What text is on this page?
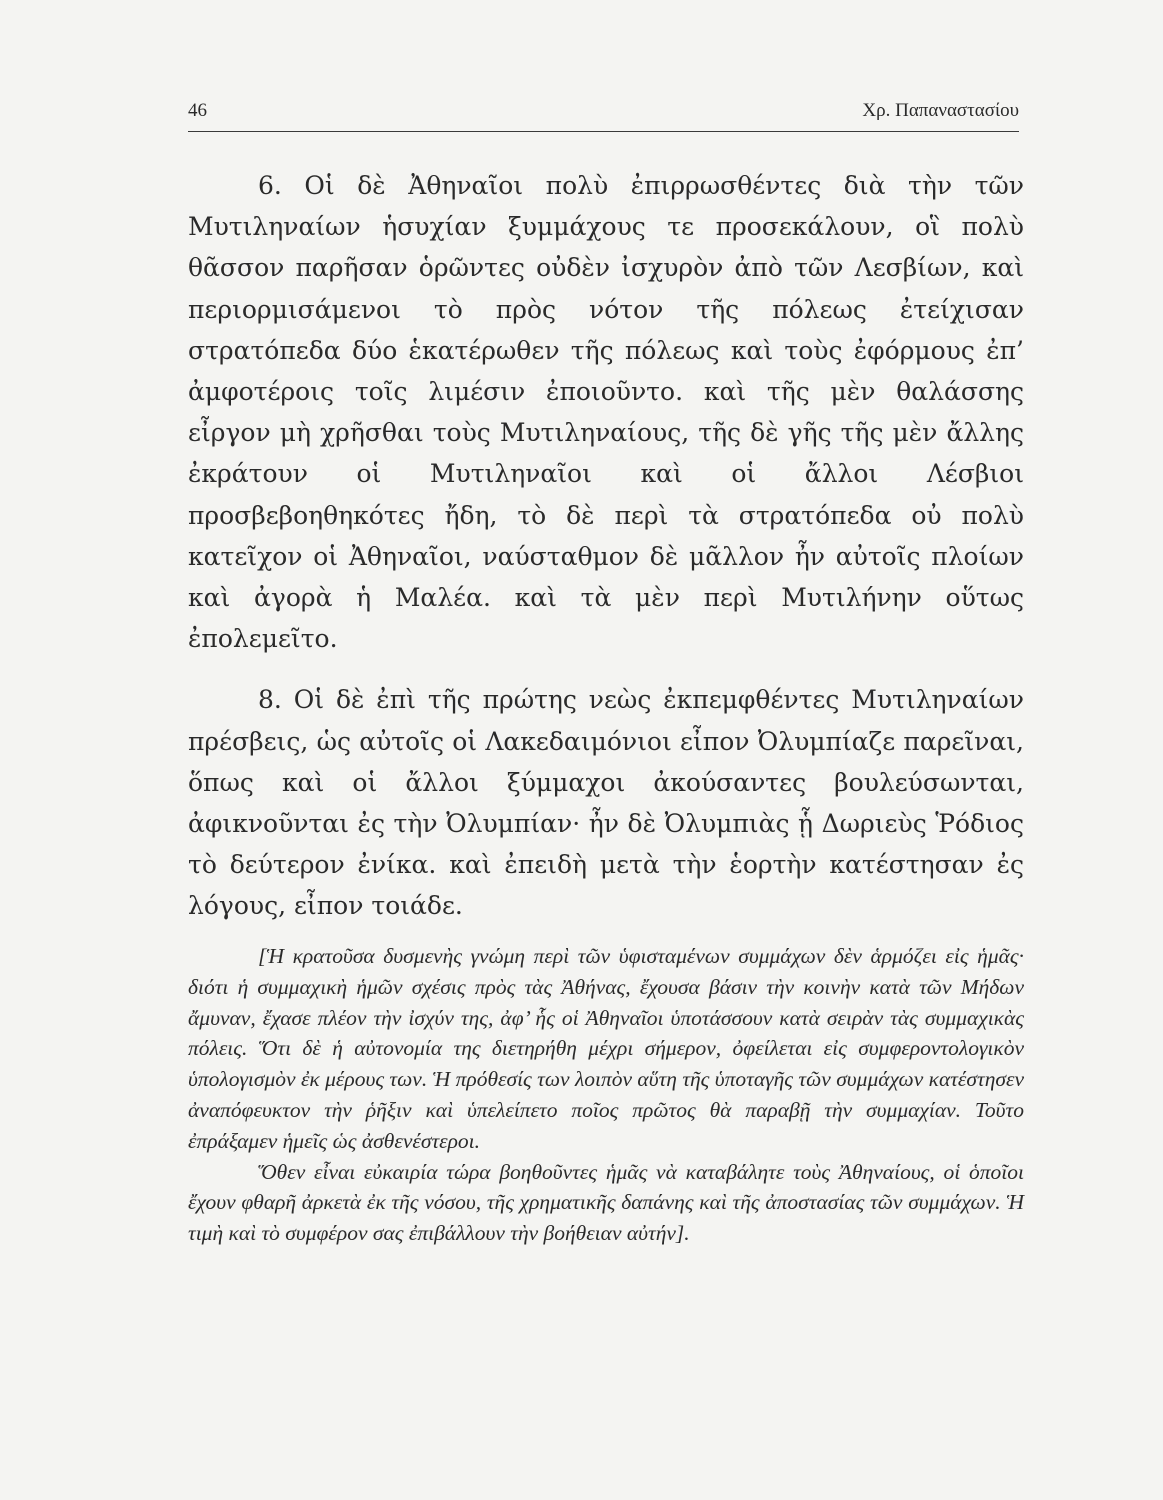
46	Χρ. Παπαναστασίου

6. Οἱ δὲ Ἀθηναῖοι πολὺ ἐπιρρωσθέντες διὰ τὴν τῶν Μυτιληναίων ἡσυχίαν ξυμμάχους τε προσεκάλουν, οἳ πολὺ θᾶσσον παρῆσαν ὁρῶντες οὐδὲν ἰσχυρὸν ἀπὸ τῶν Λεσβίων, καὶ περιορμισάμενοι τὸ πρὸς νότον τῆς πόλεως ἐτείχισαν στρατόπεδα δύο ἑκατέρωθεν τῆς πόλεως καὶ τοὺς ἐφόρμους ἐπ’ ἀμφοτέροις τοῖς λιμέσιν ἐποιοῦντο. καὶ τῆς μὲν θαλάσσης εἶργον μὴ χρῆσθαι τοὺς Μυτιληναίους, τῆς δὲ γῆς τῆς μὲν ἄλλης ἐκράτουν οἱ Μυτιληναῖοι καὶ οἱ ἄλλοι Λέσβιοι προσβεβοηθηκότες ἤδη, τὸ δὲ περὶ τὰ στρατόπεδα οὐ πολὺ κατεῖχον οἱ Ἀθηναῖοι, ναύσταθμον δὲ μᾶλλον ἦν αὐτοῖς πλοίων καὶ ἀγορὰ ἡ Μαλέα. καὶ τὰ μὲν περὶ Μυτιλήνην οὕτως ἐπολεμεῖτο.

8. Οἱ δὲ ἐπὶ τῆς πρώτης νεὼς ἐκπεμφθέντες Μυτιληναίων πρέσβεις, ὡς αὐτοῖς οἱ Λακεδαιμόνιοι εἶπον Ὀλυμπίαζε παρεῖναι, ὅπως καὶ οἱ ἄλλοι ξύμμαχοι ἀκούσαντες βουλεύσωνται, ἀφικνοῦνται ἐς τὴν Ὀλυμπίαν· ἦν δὲ Ὀλυμπιὰς ᾗ Δωριεὺς Ῥόδιος τὸ δεύτερον ἐνίκα. καὶ ἐπειδὴ μετὰ τὴν ἑορτὴν κατέστησαν ἐς λόγους, εἶπον τοιάδε.

[Ἡ κρατοῦσα δυσμενὴς γνώμη περὶ τῶν ὑφισταμένων συμμάχων δὲν ἁρμόζει εἰς ἡμᾶς· διότι ἡ συμμαχικὴ ἡμῶν σχέσις πρὸς τὰς Ἀθήνας, ἔχουσα βάσιν τὴν κοινὴν κατὰ τῶν Μήδων ἄμυναν, ἔχασε πλέον τὴν ἰσχύν της, ἀφ’ ἧς οἱ Ἀθηναῖοι ὑποτάσσουν κατὰ σειρὰν τὰς συμμαχικὰς πόλεις. Ὅτι δὲ ἡ αὐτονομία της διετηρήθη μέχρι σήμερον, ὀφείλεται εἰς συμφεροντολογικὸν ὑπολογισμὸν ἐκ μέρους των. Ἡ πρόθεσίς των λοιπὸν αὕτη τῆς ὑποταγῆς τῶν συμμάχων κατέστησεν ἀναπόφευκτον τὴν ῥῆξιν καὶ ὑπελείπετο ποῖος πρῶτος θὰ παραβῇ τὴν συμμαχίαν. Τοῦτο ἐπράξαμεν ἡμεῖς ὡς ἀσθενέστεροι.

Ὅθεν εἶναι εὐκαιρία τώρα βοηθοῦντες ἡμᾶς νὰ καταβάλητε τοὺς Ἀθηναίους, οἱ ὁποῖοι ἔχουν φθαρῆ ἀρκετὰ ἐκ τῆς νόσου, τῆς χρηματικῆς δαπάνης καὶ τῆς ἀποστασίας τῶν συμμάχων. Ἡ τιμὴ καὶ τὸ συμφέρον σας ἐπιβάλλουν τὴν βοήθειαν αὐτήν].
